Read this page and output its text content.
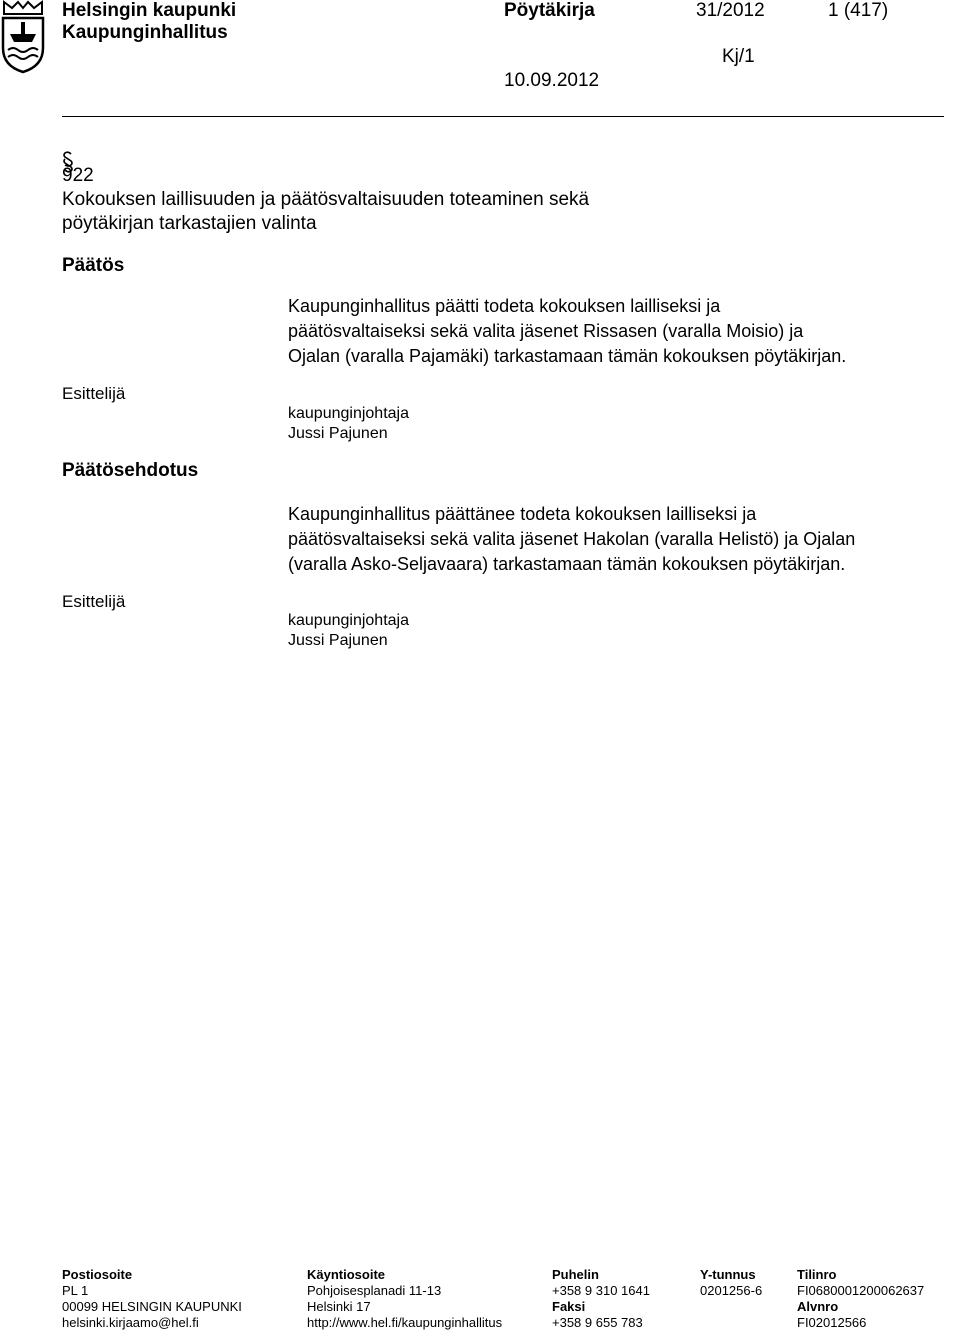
Helsingin kaupunki
Kaupunginhallitus
Pöytäkirja	31/2012	1 (417)
Kj/1
10.09.2012
922
Kokouksen laillisuuden ja päätösvaltaisuuden toteaminen sekä
pöytäkirjan tarkastajien valinta
Päätös
Kaupunginhallitus päätti todeta kokouksen lailliseksi ja
päätösvaltaiseksi sekä valita jäsenet Rissasen (varalla Moisio) ja
Ojalan (varalla Pajamäki) tarkastamaan tämän kokouksen pöytäkirjan.
Esittelijä
kaupunginjohtaja
Jussi Pajunen
Päätösehdotus
Kaupunginhallitus päättänee todeta kokouksen lailliseksi ja
päätösvaltaiseksi sekä valita jäsenet Hakolan (varalla Helistö) ja Ojalan
(varalla Asko-Seljavaara) tarkastamaan tämän kokouksen pöytäkirjan.
Esittelijä
kaupunginjohtaja
Jussi Pajunen
Postiosoite
PL 1
00099 HELSINGIN KAUPUNKI
helsinki.kirjaamo@hel.fi
Käyntiosoite
Pohjoisesplanadi 11-13
Helsinki 17
http://www.hel.fi/kaupunginhallitus
Puhelin
+358 9 310 1641
Faksi
+358 9 655 783
Y-tunnus
0201256-6
Tilinro
FI0680001200062637
Alvnro
FI02012566
